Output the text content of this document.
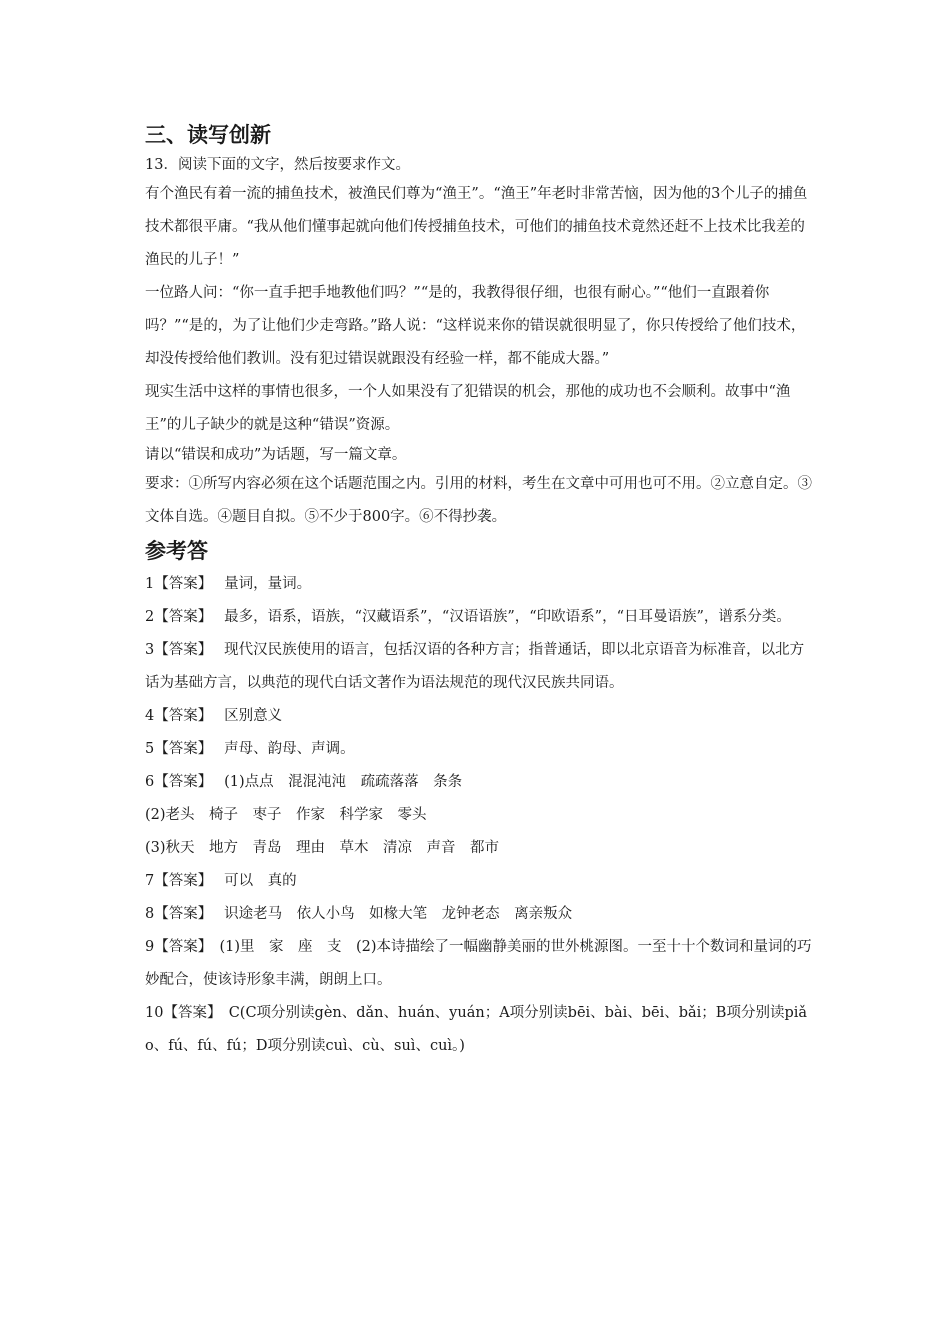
三、读写创新

13．阅读下面的文字，然后按要求作文。

有个渔民有着一流的捕鱼技术，被渔民们尊为“渔王”。“渔王”年老时非常苦恼，因为他的3个儿子的捕鱼技术都很平庸。“我从他们懂事起就向他们传授捕鱼技术，可他们的捕鱼技术竟然还赶不上技术比我差的渔民的儿子！”

一位路人问：“你一直手把手地教他们吗？”“是的，我教得很仔细，也很有耐心。”“他们一直跟着你吗？”“是的，为了让他们少走弯路。”路人说：“这样说来你的错误就很明显了，你只传授给了他们技术，却没传授给他们教训。没有犯过错误就跟没有经验一样，都不能成大器。”

现实生活中这样的事情也很多，一个人如果没有了犯错误的机会，那他的成功也不会顺利。故事中“渔王”的儿子缺少的就是这种“错误”资源。

请以“错误和成功”为话题，写一篇文章。

要求：①所写内容必须在这个话题范围之内。引用的材料，考生在文章中可用也可不用。②立意自定。③文体自选。④题目自拟。⑤不少于800字。⑥不得抄袭。

参考答

1【答案】　 量词，量词。

2【答案】　 最多，语系，语族，“汉藏语系”，“汉语语族”，“印欧语系”，“日耳曼语族”，谱系分类。

3【答案】　 现代汉民族使用的语言，包括汉语的各种方言；指普通话，即以北京语音为标准音，以北方话为基础方言，以典范的现代白话文著作为语法规范的现代汉民族共同语。

4【答案】　 区别意义

5【答案】　 声母、韵母、声调。

6【答案】　 (1)点点　混混沌沌　疏疏落落　条条

(2)老头　椅子　枣子　作家　科学家　零头

(3)秋天　地方　青岛　理由　草木　清凉　声音　都市

7【答案】　 可以　真的

8【答案】　 识途老马　依人小鸟　如椽大笔　龙钟老态　离亲叛众

9【答案】　 (1)里　家　座　支　(2)本诗描绘了一幅幽静美丽的世外桃源图。一至十十个数词和量词的巧妙配合，使该诗形象丰满，朗朗上口。

10【答案】　 C(C项分别读gèn、dǎn、huán、yuán；A项分别读bēi、bài、bēi、bǎi；B项分别读piǎo、fú、fú、fú；D项分别读cuì、cù、suì、cuì。)
